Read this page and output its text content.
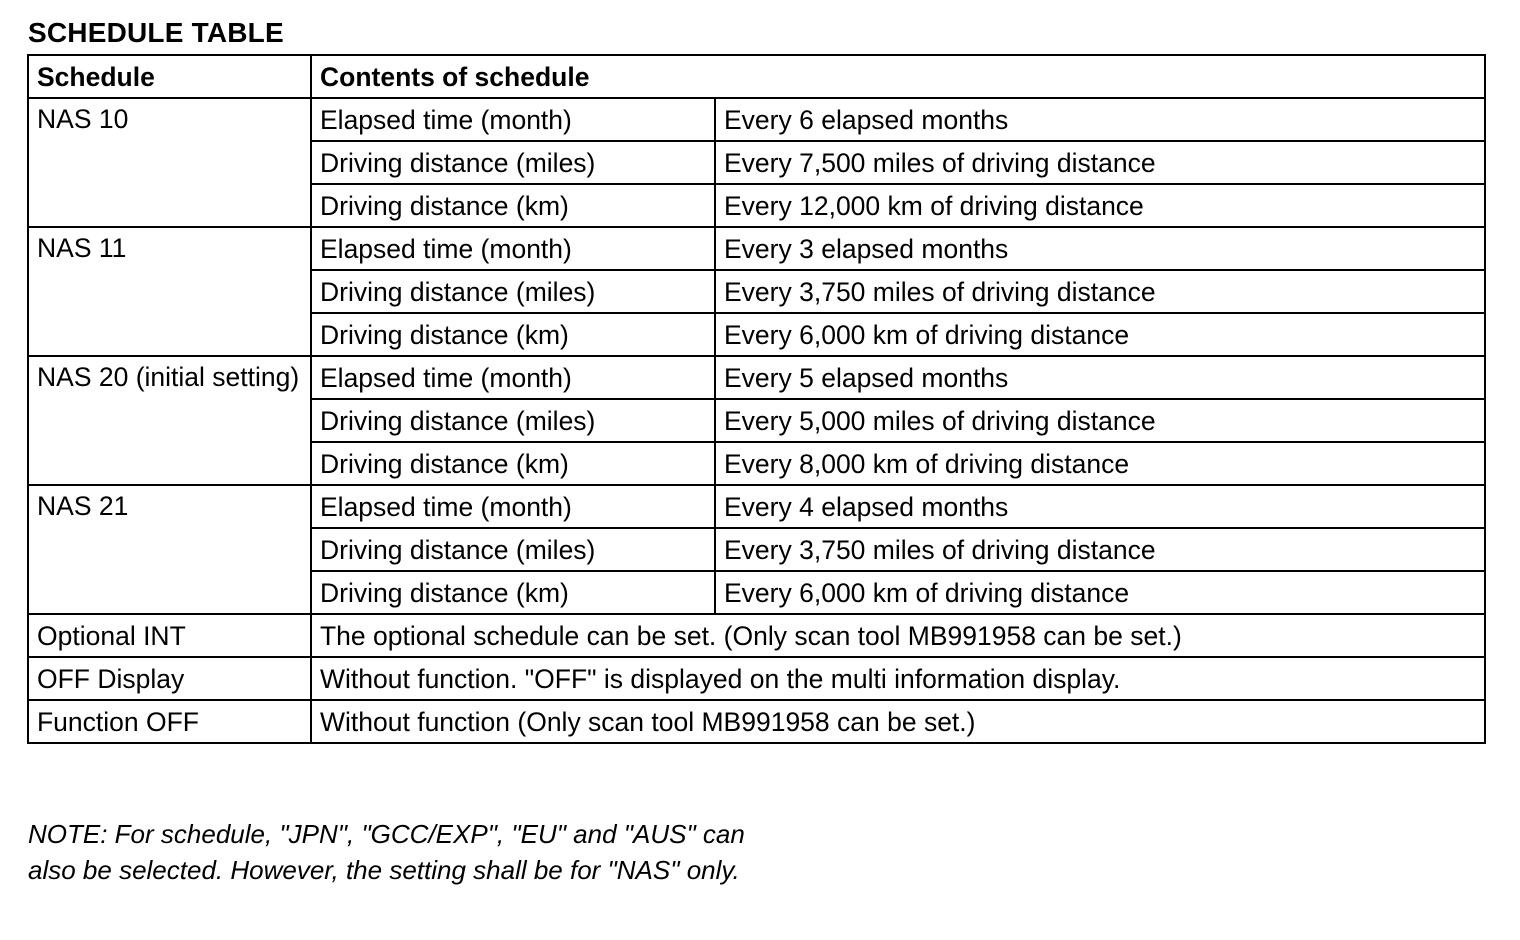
SCHEDULE TABLE
Schedule	Contents of schedule	
NAS 10	Elapsed time (month)	Every 6 elapsed months
	Driving distance (miles)	Every 7,500 miles of driving distance
	Driving distance (km)	Every 12,000 km of driving distance
NAS 11	Elapsed time (month)	Every 3 elapsed months
	Driving distance (miles)	Every 3,750 miles of driving distance
	Driving distance (km)	Every 6,000 km of driving distance
NAS 20 (initial setting)	Elapsed time (month)	Every 5 elapsed months
	Driving distance (miles)	Every 5,000 miles of driving distance
	Driving distance (km)	Every 8,000 km of driving distance
NAS 21	Elapsed time (month)	Every 4 elapsed months
	Driving distance (miles)	Every 3,750 miles of driving distance
	Driving distance (km)	Every 6,000 km of driving distance
Optional INT	The optional schedule can be set. (Only scan tool MB991958 can be set.)	
OFF Display	Without function. "OFF" is displayed on the multi information display.	
Function OFF	Without function (Only scan tool MB991958 can be set.)	
NOTE: For schedule, "JPN", "GCC/EXP", "EU" and "AUS" can also be selected. However, the setting shall be for "NAS" only.
